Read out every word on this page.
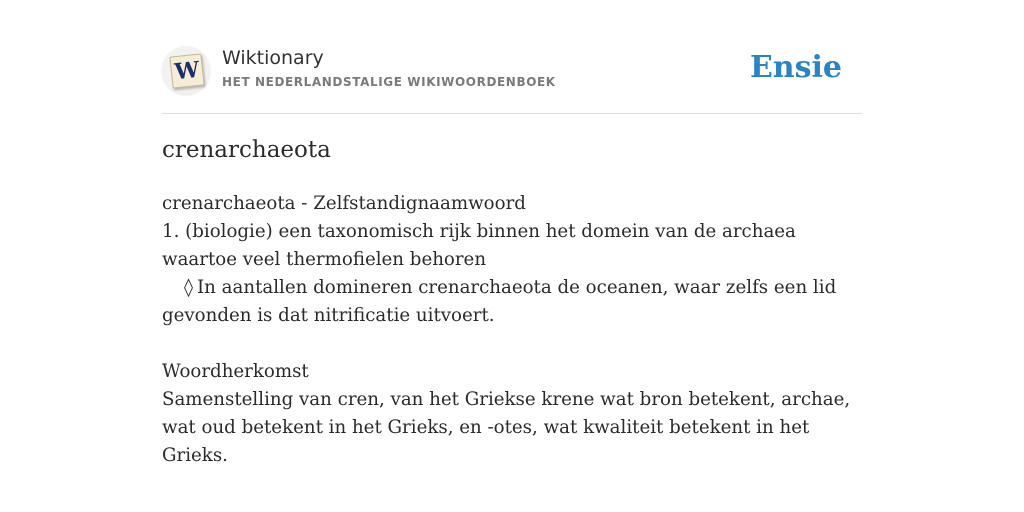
W Wiktionary
HET NEDERLANDSTALIGE WIKIWOORDENBOEK	Ensie
crenarchaeota

crenarchaeota - Zelfstandignaamwoord

1. (biologie) een taxonomisch rijk binnen het domein van de archaea waartoe veel thermofielen behoren

◊ In aantallen domineren crenarchaeota de oceanen, waar zelfs een lid gevonden is dat nitrificatie uitvoert.

Woordherkomst

Samenstelling van cren, van het Griekse krene wat bron betekent, archae, wat oud betekent in het Grieks, en -otes, wat kwaliteit betekent in het Grieks.
